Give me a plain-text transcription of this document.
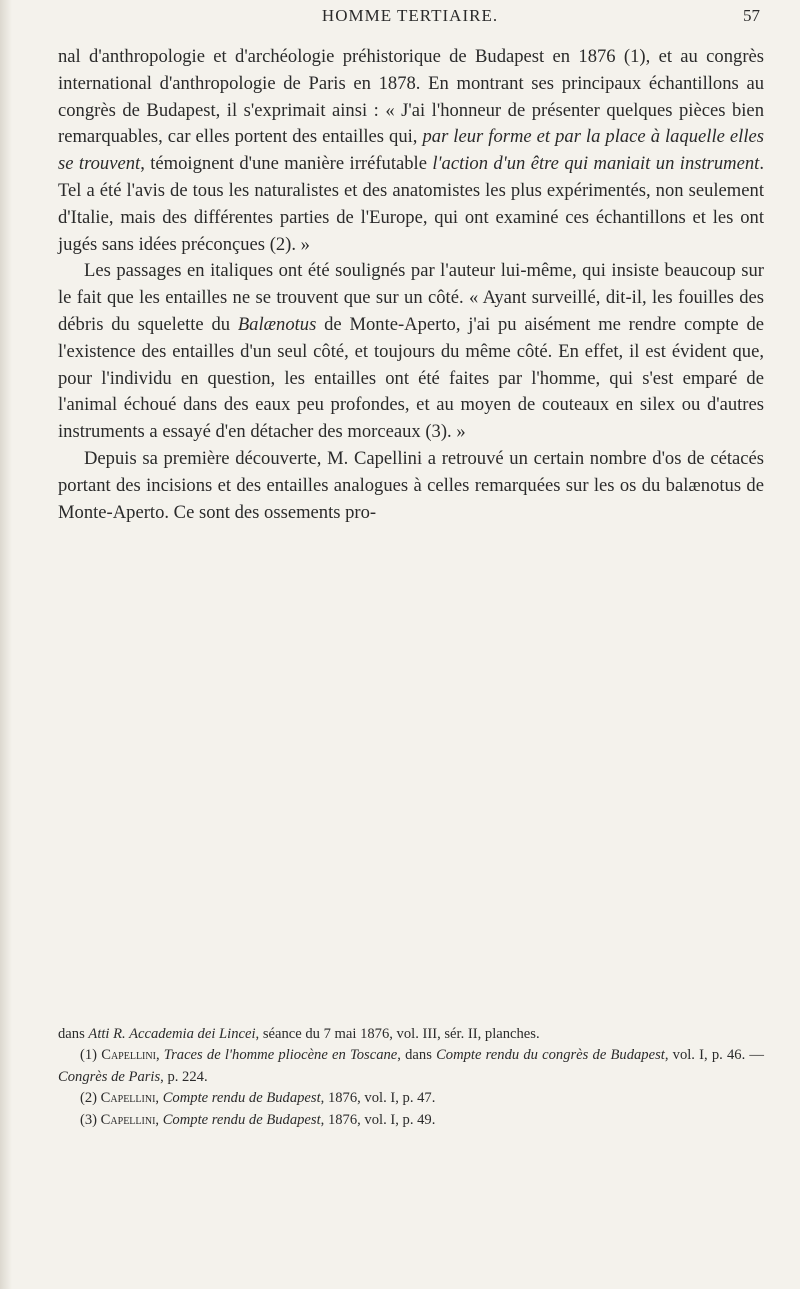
HOMME TERTIAIRE.	57

nal d'anthropologie et d'archéologie préhistorique de Budapest en 1876 (1), et au congrès international d'anthropologie de Paris en 1878. En montrant ses principaux échantillons au congrès de Budapest, il s'exprimait ainsi : « J'ai l'honneur de présenter quelques pièces bien remarquables, car elles portent des entailles qui, par leur forme et par la place à laquelle elles se trouvent, témoignent d'une manière irréfutable l'action d'un être qui maniait un instrument. Tel a été l'avis de tous les naturalistes et des anatomistes les plus expérimentés, non seulement d'Italie, mais des différentes parties de l'Europe, qui ont examiné ces échantillons et les ont jugés sans idées préconçues (2). »

Les passages en italiques ont été soulignés par l'auteur lui-même, qui insiste beaucoup sur le fait que les entailles ne se trouvent que sur un côté. « Ayant surveillé, dit-il, les fouilles des débris du squelette du Balænotus de Monte-Aperto, j'ai pu aisément me rendre compte de l'existence des entailles d'un seul côté, et toujours du même côté. En effet, il est évident que, pour l'individu en question, les entailles ont été faites par l'homme, qui s'est emparé de l'animal échoué dans des eaux peu profondes, et au moyen de couteaux en silex ou d'autres instruments a essayé d'en détacher des morceaux (3). »

Depuis sa première découverte, M. Capellini a retrouvé un certain nombre d'os de cétacés portant des incisions et des entailles analogues à celles remarquées sur les os du balænotus de Monte-Aperto. Ce sont des ossements pro-

dans Atti R. Accademia dei Lincei, séance du 7 mai 1876, vol. III, sér. II, planches.

(1) Capellini, Traces de l'homme pliocène en Toscane, dans Compte rendu du congrès de Budapest, vol. I, p. 46. — Congrès de Paris, p. 224.

(2) Capellini, Compte rendu de Budapest, 1876, vol. I, p. 47.

(3) Capellini, Compte rendu de Budapest, 1876, vol. I, p. 49.
